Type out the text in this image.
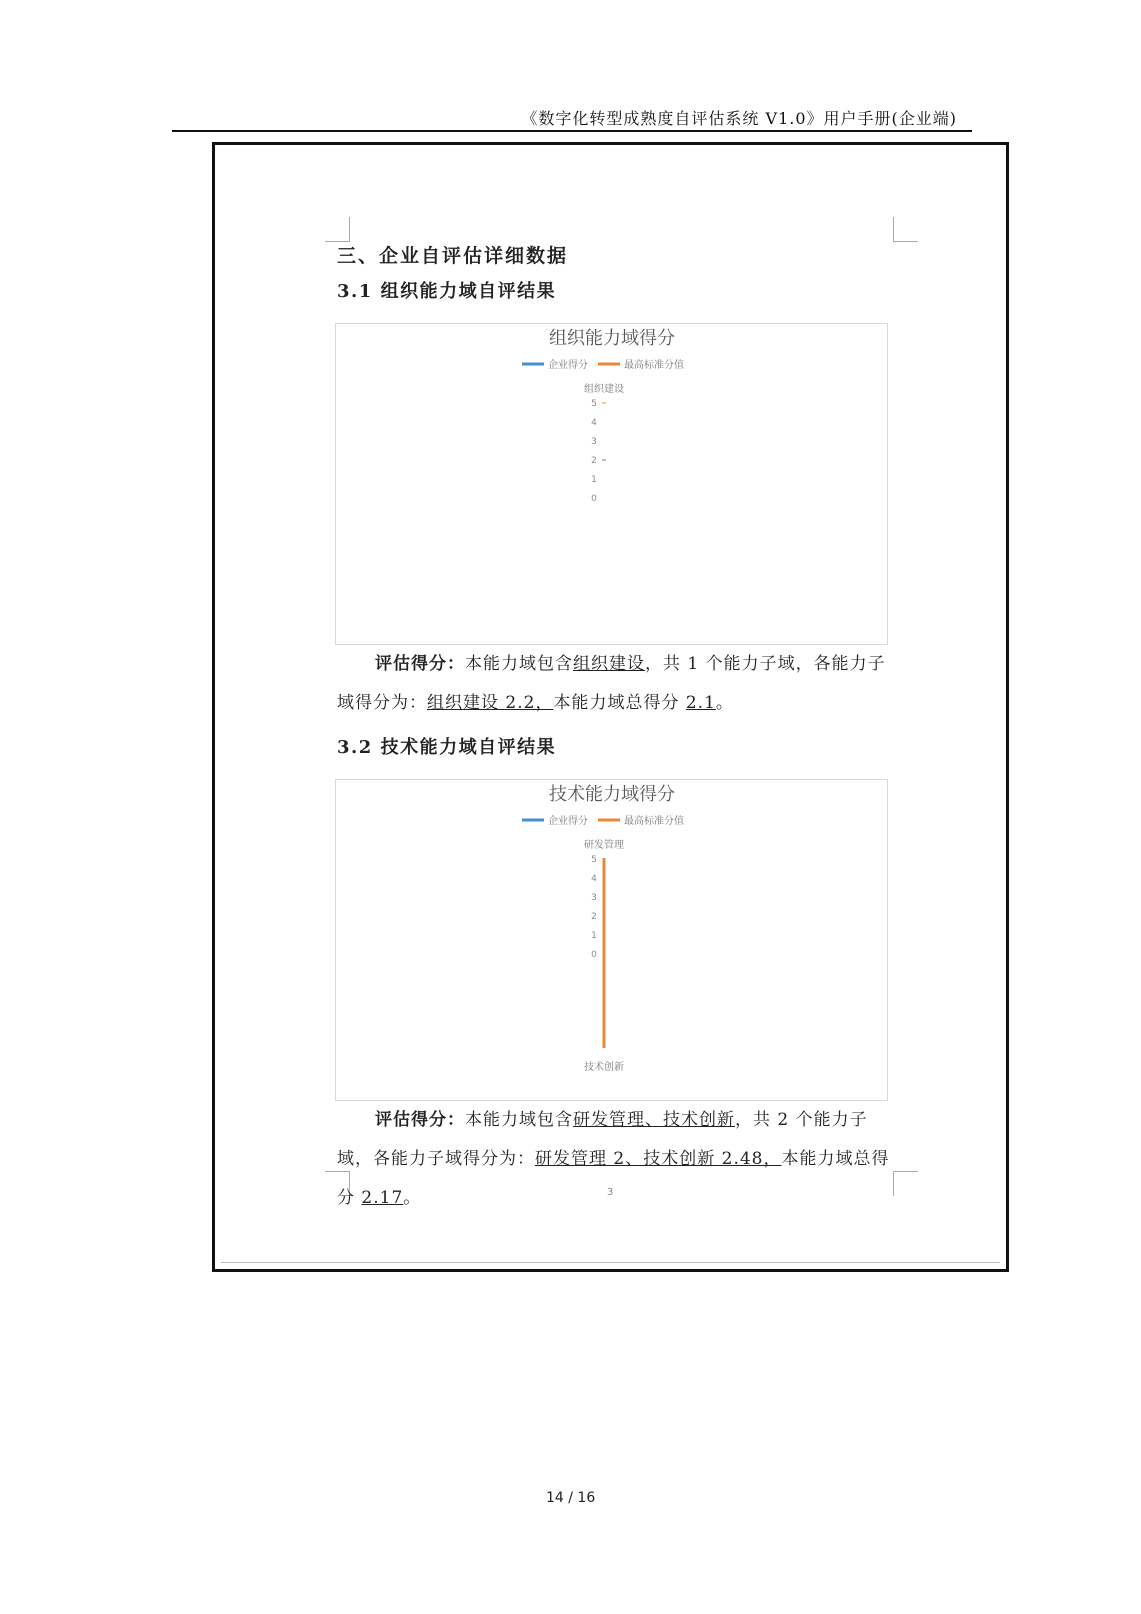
《数字化转型成熟度自评估系统 V1.0》用户手册(企业端)
三、企业自评估详细数据
3.1 组织能力域自评结果
组织能力域得分
企业得分	最高标准分值
组织建设
5
4
3
2
1
0
评估得分：本能力域包含组织建设，共 1 个能力子域，各能力子域得分为：组织建设 2.2，本能力域总得分 2.1。
3.2 技术能力域自评结果
技术能力域得分
企业得分	最高标准分值
研发管理
5
4
3
2
1
0
技术创新
评估得分：本能力域包含研发管理、技术创新，共 2 个能力子域，各能力子域得分为：研发管理 2、技术创新 2.48，本能力域总得分 2.17。	3
14 / 16
